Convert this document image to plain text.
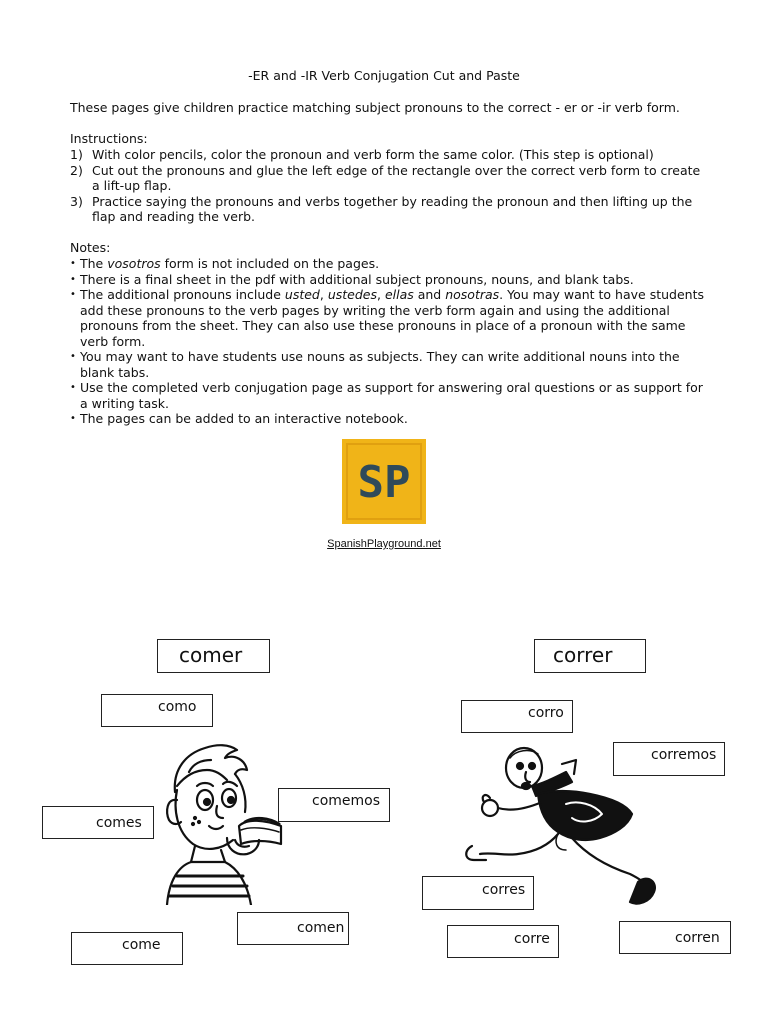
-ER and -IR Verb Conjugation Cut and Paste
These pages give children practice matching subject pronouns to the correct - er or -ir verb form.
Instructions:
1) With color pencils, color the pronoun and verb form the same color. (This step is optional)
2) Cut out the pronouns and glue the left edge of the rectangle over the correct verb form to create a lift-up flap.
3) Practice saying the pronouns and verbs together by reading the pronoun and then lifting up the flap and reading the verb.
Notes:
• The vosotros form is not included on the pages.
• There is a final sheet in the pdf with additional subject pronouns, nouns, and blank tabs.
• The additional pronouns include usted, ustedes, ellas and nosotras. You may want to have students add these pronouns to the verb pages by writing the verb form again and using the additional pronouns from the sheet. They can also use these pronouns in place of a pronoun with the same verb form.
• You may want to have students use nouns as subjects. They can write additional nouns into the blank tabs.
• Use the completed verb conjugation page as support for answering oral questions or as support for a writing task.
• The pages can be added to an interactive notebook.
SP
SpanishPlayground.net
comer
como
comes
comemos
comen
come
correr
corro
corremos
corres
corre	corren
